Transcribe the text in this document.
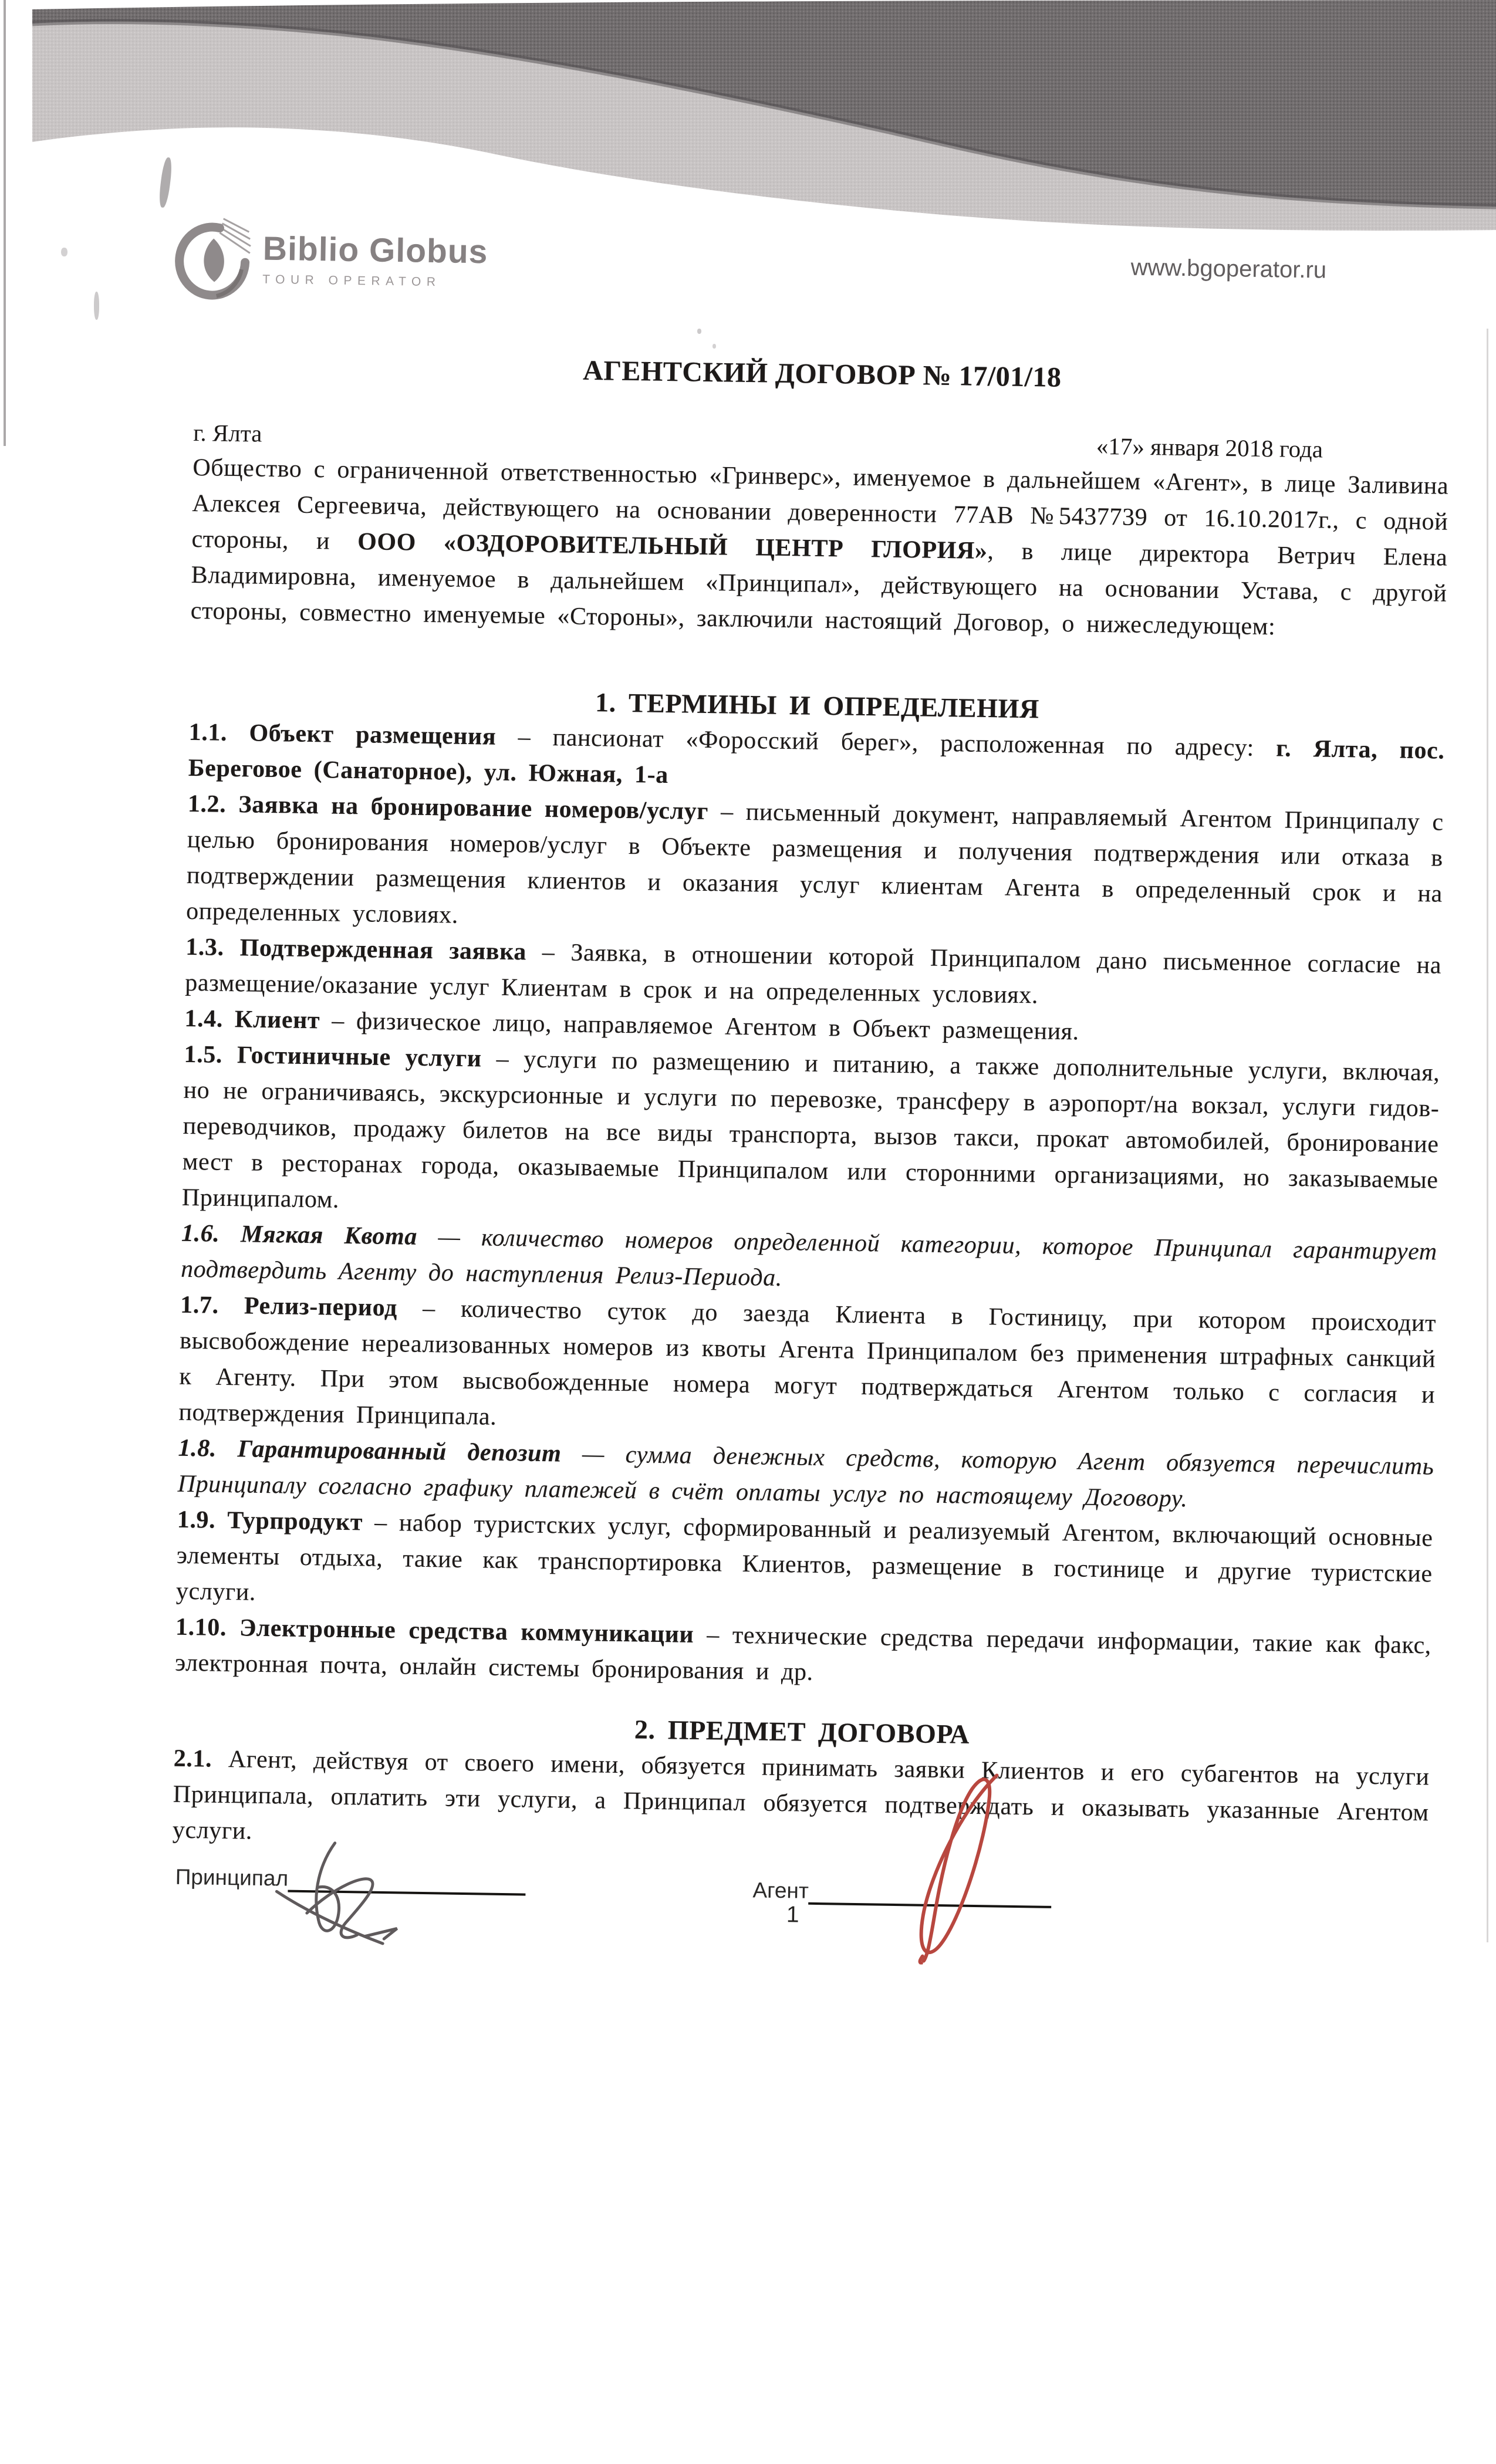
Biblio Globus
TOUR OPERATOR	www.bgoperator.ru
АГЕНТСКИЙ ДОГОВОР № 17/01/18
г. Ялта	«17» января 2018 года

Общество с ограниченной ответственностью «Гринверс», именуемое в дальнейшем «Агент», в лице Заливина Алексея Сергеевича, действующего на основании доверенности 77АВ №5437739 от 16.10.2017г., с одной стороны, и ООО «ОЗДОРОВИТЕЛЬНЫЙ ЦЕНТР ГЛОРИЯ», в лице директора Ветрич Елена Владимировна, именуемое в дальнейшем «Принципал», действующего на основании Устава, с другой стороны, совместно именуемые «Стороны», заключили настоящий Договор, о нижеследующем:

1. ТЕРМИНЫ И ОПРЕДЕЛЕНИЯ

1.1. Объект размещения – пансионат «Форосский берег», расположенная по адресу: г. Ялта, пос. Береговое (Санаторное), ул. Южная, 1-а

1.2. Заявка на бронирование номеров/услуг – письменный документ, направляемый Агентом Принципалу с целью бронирования номеров/услуг в Объекте размещения и получения подтверждения или отказа в подтверждении размещения клиентов и оказания услуг клиентам Агента в определенный срок и на определенных условиях.

1.3. Подтвержденная заявка – Заявка, в отношении которой Принципалом дано письменное согласие на размещение/оказание услуг Клиентам в срок и на определенных условиях.

1.4. Клиент – физическое лицо, направляемое Агентом в Объект размещения.

1.5. Гостиничные услуги – услуги по размещению и питанию, а также дополнительные услуги, включая, но не ограничиваясь, экскурсионные и услуги по перевозке, трансферу в аэропорт/на вокзал, услуги гидов-переводчиков, продажу билетов на все виды транспорта, вызов такси, прокат автомобилей, бронирование мест в ресторанах города, оказываемые Принципалом или сторонними организациями, но заказываемые Принципалом.

1.6. Мягкая Квота — количество номеров определенной категории, которое Принципал гарантирует подтвердить Агенту до наступления Релиз-Периода.

1.7. Релиз-период – количество суток до заезда Клиента в Гостиницу, при котором происходит высвобождение нереализованных номеров из квоты Агента Принципалом без применения штрафных санкций к Агенту. При этом высвобожденные номера могут подтверждаться Агентом только с согласия и подтверждения Принципала.

1.8. Гарантированный депозит — сумма денежных средств, которую Агент обязуется перечислить Принципалу согласно графику платежей в счёт оплаты услуг по настоящему Договору.

1.9. Турпродукт – набор туристских услуг, сформированный и реализуемый Агентом, включающий основные элементы отдыха, такие как транспортировка Клиентов, размещение в гостинице и другие туристские услуги.

1.10. Электронные средства коммуникации – технические средства передачи информации, такие как факс, электронная почта, онлайн системы бронирования и др.

2. ПРЕДМЕТ ДОГОВОРА

2.1. Агент, действуя от своего имени, обязуется принимать заявки Клиентов и его субагентов на услуги Принципала, оплатить эти услуги, а Принципал обязуется подтверждать и оказывать указанные Агентом услуги.

Принципал	Агент
1
